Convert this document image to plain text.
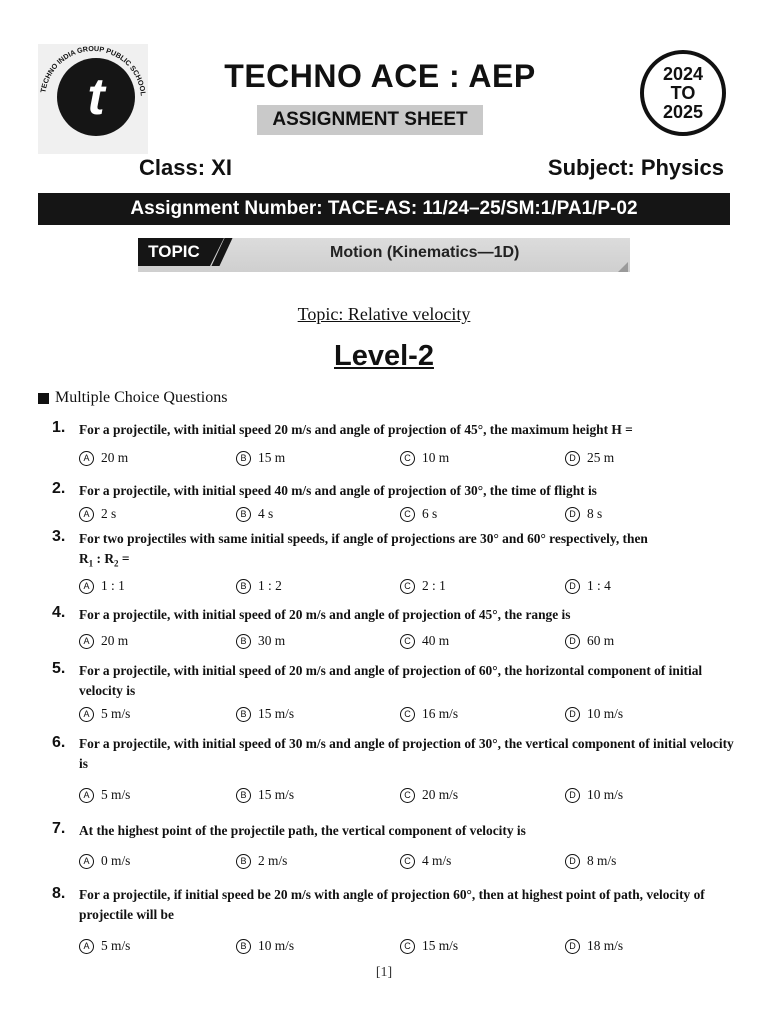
TECHNO INDIA GROUP PUBLIC SCHOOL
t	TECHNO ACE : AEP
ASSIGNMENT SHEET
2024
TO
2025
Class: XI	Subject: Physics
Assignment Number: TACE-AS: 11/24–25/SM:1/PA1/P-02
TOPIC	Motion (Kinematics—1D)
Topic: Relative velocity
Level-2
Multiple Choice Questions
1.	For a projectile, with initial speed 20 m/s and angle of projection of 45°, the maximum height H =
A 20 m	B 15 m	C 10 m	D 25 m
2.	For a projectile, with initial speed 40 m/s and angle of projection of 30°, the time of flight is
A 2 s	B 4 s	C 6 s	D 8 s
3.	For two projectiles with same initial speeds, if angle of projections are 30° and 60° respectively, then
$R_1$ : $R_2$ =
A 1 : 1	B 1 : 2	C 2 : 1	D 1 : 4
4.	For a projectile, with initial speed of 20 m/s and angle of projection of 45°, the range is
A 20 m	B 30 m	C 40 m	D 60 m
5.	For a projectile, with initial speed of 20 m/s and angle of projection of 60°, the horizontal component of initial velocity is
A 5 m/s	B 15 m/s	C 16 m/s	D 10 m/s
6.	For a projectile, with initial speed of 30 m/s and angle of projection of 30°, the vertical component of initial velocity is
A 5 m/s	B 15 m/s	C 20 m/s	D 10 m/s
7.	At the highest point of the projectile path, the vertical component of velocity is
A 0 m/s	B 2 m/s	C 4 m/s	D 8 m/s
8.	For a projectile, if initial speed be 20 m/s with angle of projection 60°, then at highest point of path, velocity of projectile will be
A 5 m/s	B 10 m/s	C 15 m/s	D 18 m/s
[1]
